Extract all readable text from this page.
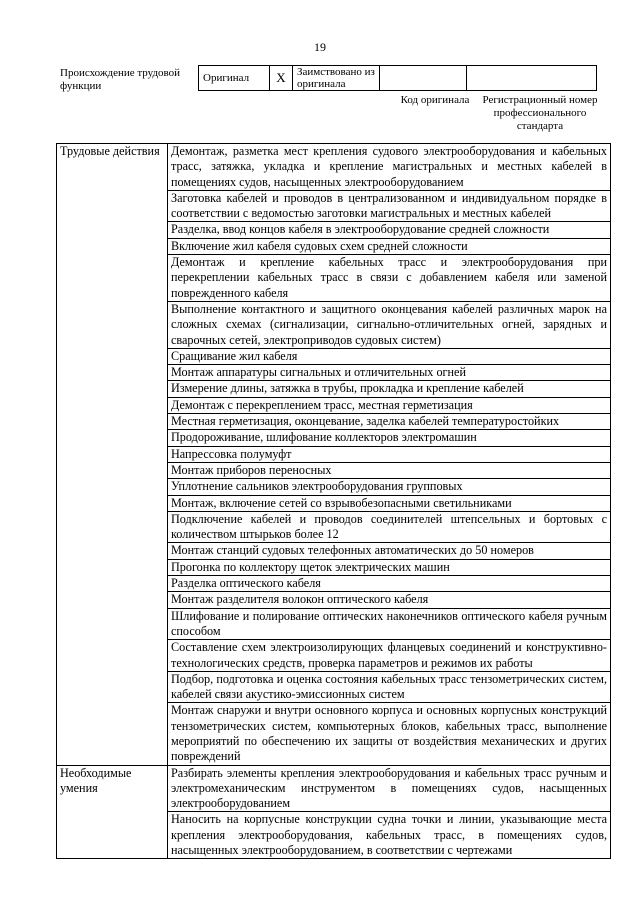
19
Происхождение трудовой функции
Оригинал	X	Заимствовано из оригинала		
Код оригинала	Регистрационный номер профессионального стандарта
Трудовые действия	Демонтаж, разметка мест крепления судового электрооборудования и кабельных трасс, затяжка, укладка и крепление магистральных и местных кабелей в помещениях судов, насыщенных электрооборудованием
	Заготовка кабелей и проводов в централизованном и индивидуальном порядке в соответствии с ведомостью заготовки магистральных и местных кабелей
	Разделка, ввод концов кабеля в электрооборудование средней сложности
	Включение жил кабеля судовых схем средней сложности
	Демонтаж и крепление кабельных трасс и электрооборудования при перекреплении кабельных трасс в связи с добавлением кабеля или заменой поврежденного кабеля
	Выполнение контактного и защитного оконцевания кабелей различных марок на сложных схемах (сигнализации, сигнально-отличительных огней, зарядных и сварочных сетей, электроприводов судовых систем)
	Сращивание жил кабеля
	Монтаж аппаратуры сигнальных и отличительных огней
	Измерение длины, затяжка в трубы, прокладка и крепление кабелей
	Демонтаж с перекреплением трасс, местная герметизация
	Местная герметизация, оконцевание, заделка кабелей температуростойких
	Продороживание, шлифование коллекторов электромашин
	Напрессовка полумуфт
	Монтаж приборов переносных
	Уплотнение сальников электрооборудования групповых
	Монтаж, включение сетей со взрывобезопасными светильниками
	Подключение кабелей и проводов соединителей штепсельных и бортовых с количеством штырьков более 12
	Монтаж станций судовых телефонных автоматических до 50 номеров
	Прогонка по коллектору щеток электрических машин
	Разделка оптического кабеля
	Монтаж разделителя волокон оптического кабеля
	Шлифование и полирование оптических наконечников оптического кабеля ручным способом
	Составление схем электроизолирующих фланцевых соединений и конструктивно-технологических средств, проверка параметров и режимов их работы
	Подбор, подготовка и оценка состояния кабельных трасс тензометрических систем, кабелей связи акустико-эмиссионных систем
	Монтаж снаружи и внутри основного корпуса и основных корпусных конструкций тензометрических систем, компьютерных блоков, кабельных трасс, выполнение мероприятий по обеспечению их защиты от воздействия механических и других повреждений
Необходимые умения	Разбирать элементы крепления электрооборудования и кабельных трасс ручным и электромеханическим инструментом в помещениях судов, насыщенных электрооборудованием
	Наносить на корпусные конструкции судна точки и линии, указывающие места крепления электрооборудования, кабельных трасс, в помещениях судов, насыщенных электрооборудованием, в соответствии с чертежами
